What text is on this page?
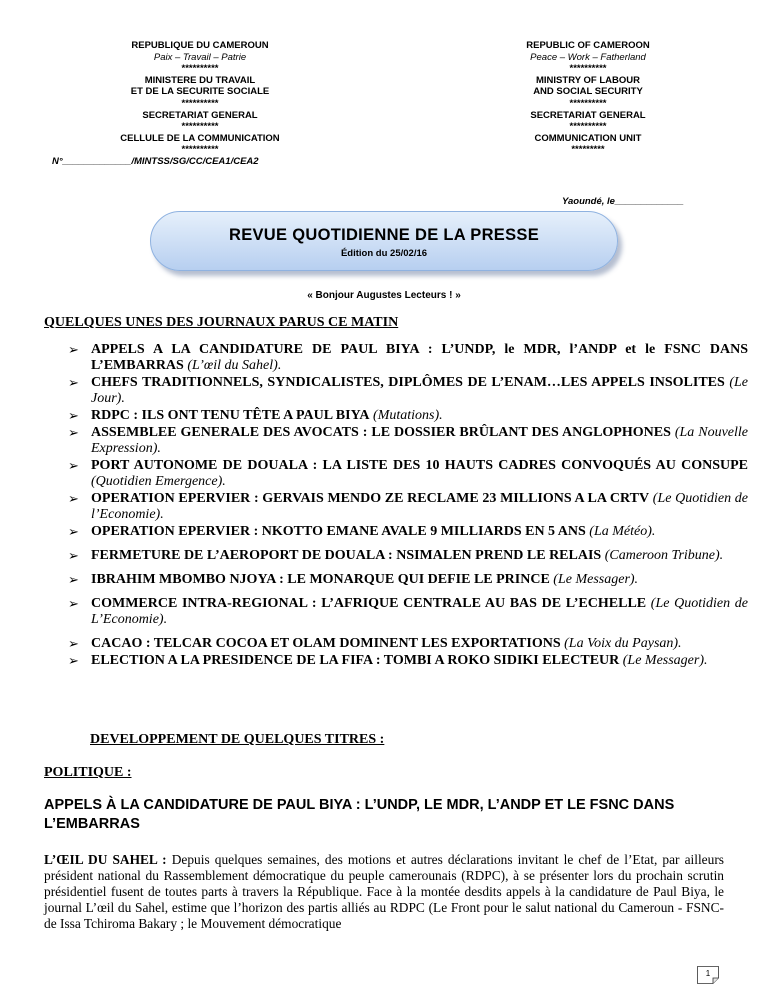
REPUBLIQUE DU CAMEROUN
Paix – Travail – Patrie
**********
MINISTERE DU TRAVAIL
ET DE LA SECURITE SOCIALE
**********
SECRETARIAT GENERAL
**********
CELLULE DE LA COMMUNICATION
**********
REPUBLIC OF CAMEROON
Peace – Work – Fatherland
**********
MINISTRY OF LABOUR
AND SOCIAL SECURITY
**********
SECRETARIAT GENERAL
**********
COMMUNICATION UNIT
*********
N°_____________/MINTSS/SG/CC/CEA1/CEA2
Yaoundé, le_____________
REVUE QUOTIDIENNE DE LA PRESSE
Édition du 25/02/16
« Bonjour Augustes Lecteurs ! »
QUELQUES UNES DES JOURNAUX PARUS CE MATIN
➢ APPELS A LA CANDIDATURE DE PAUL BIYA : L’UNDP, le MDR, l’ANDP et le FSNC DANS L’EMBARRAS (L’œil du Sahel).
➢ CHEFS TRADITIONNELS, SYNDICALISTES, DIPLÔMES DE L’ENAM…LES APPELS INSOLITES (Le Jour).
➢ RDPC : ILS ONT TENU TÊTE A PAUL BIYA (Mutations).
➢ ASSEMBLEE GENERALE DES AVOCATS : LE DOSSIER BRÛLANT DES ANGLOPHONES (La Nouvelle Expression).
➢ PORT AUTONOME DE DOUALA : LA LISTE DES 10 HAUTS CADRES CONVOQUÉS AU CONSUPE (Quotidien Emergence).
➢ OPERATION EPERVIER : GERVAIS MENDO ZE RECLAME 23 MILLIONS A LA CRTV (Le Quotidien de l’Economie).
➢ OPERATION EPERVIER : NKOTTO EMANE AVALE 9 MILLIARDS EN 5 ANS (La Météo).
➢ FERMETURE DE L’AEROPORT DE DOUALA : NSIMALEN PREND LE RELAIS (Cameroon Tribune).
➢ IBRAHIM MBOMBO NJOYA : LE MONARQUE QUI DEFIE LE PRINCE (Le Messager).
➢ COMMERCE INTRA-REGIONAL : L’AFRIQUE CENTRALE AU BAS DE L’ECHELLE (Le Quotidien de L’Economie).
➢ CACAO : TELCAR COCOA ET OLAM DOMINENT LES EXPORTATIONS (La Voix du Paysan).
➢ ELECTION A LA PRESIDENCE DE LA FIFA : TOMBI A ROKO SIDIKI ELECTEUR (Le Messager).
DEVELOPPEMENT DE QUELQUES TITRES :
POLITIQUE :
APPELS À LA CANDIDATURE DE PAUL BIYA : L’UNDP, LE MDR, L’ANDP ET LE FSNC DANS L’EMBARRAS
L’ŒIL DU SAHEL : Depuis quelques semaines, des motions et autres déclarations invitant le chef de l’Etat, par ailleurs président national du Rassemblement démocratique du peuple camerounais (RDPC), à se présenter lors du prochain scrutin présidentiel fusent de toutes parts à travers la République. Face à la montée desdits appels à la candidature de Paul Biya, le journal L’œil du Sahel, estime que l’horizon des partis alliés au RDPC (Le Front pour le salut national du Cameroun - FSNC- de Issa Tchiroma Bakary ; le Mouvement démocratique
1
